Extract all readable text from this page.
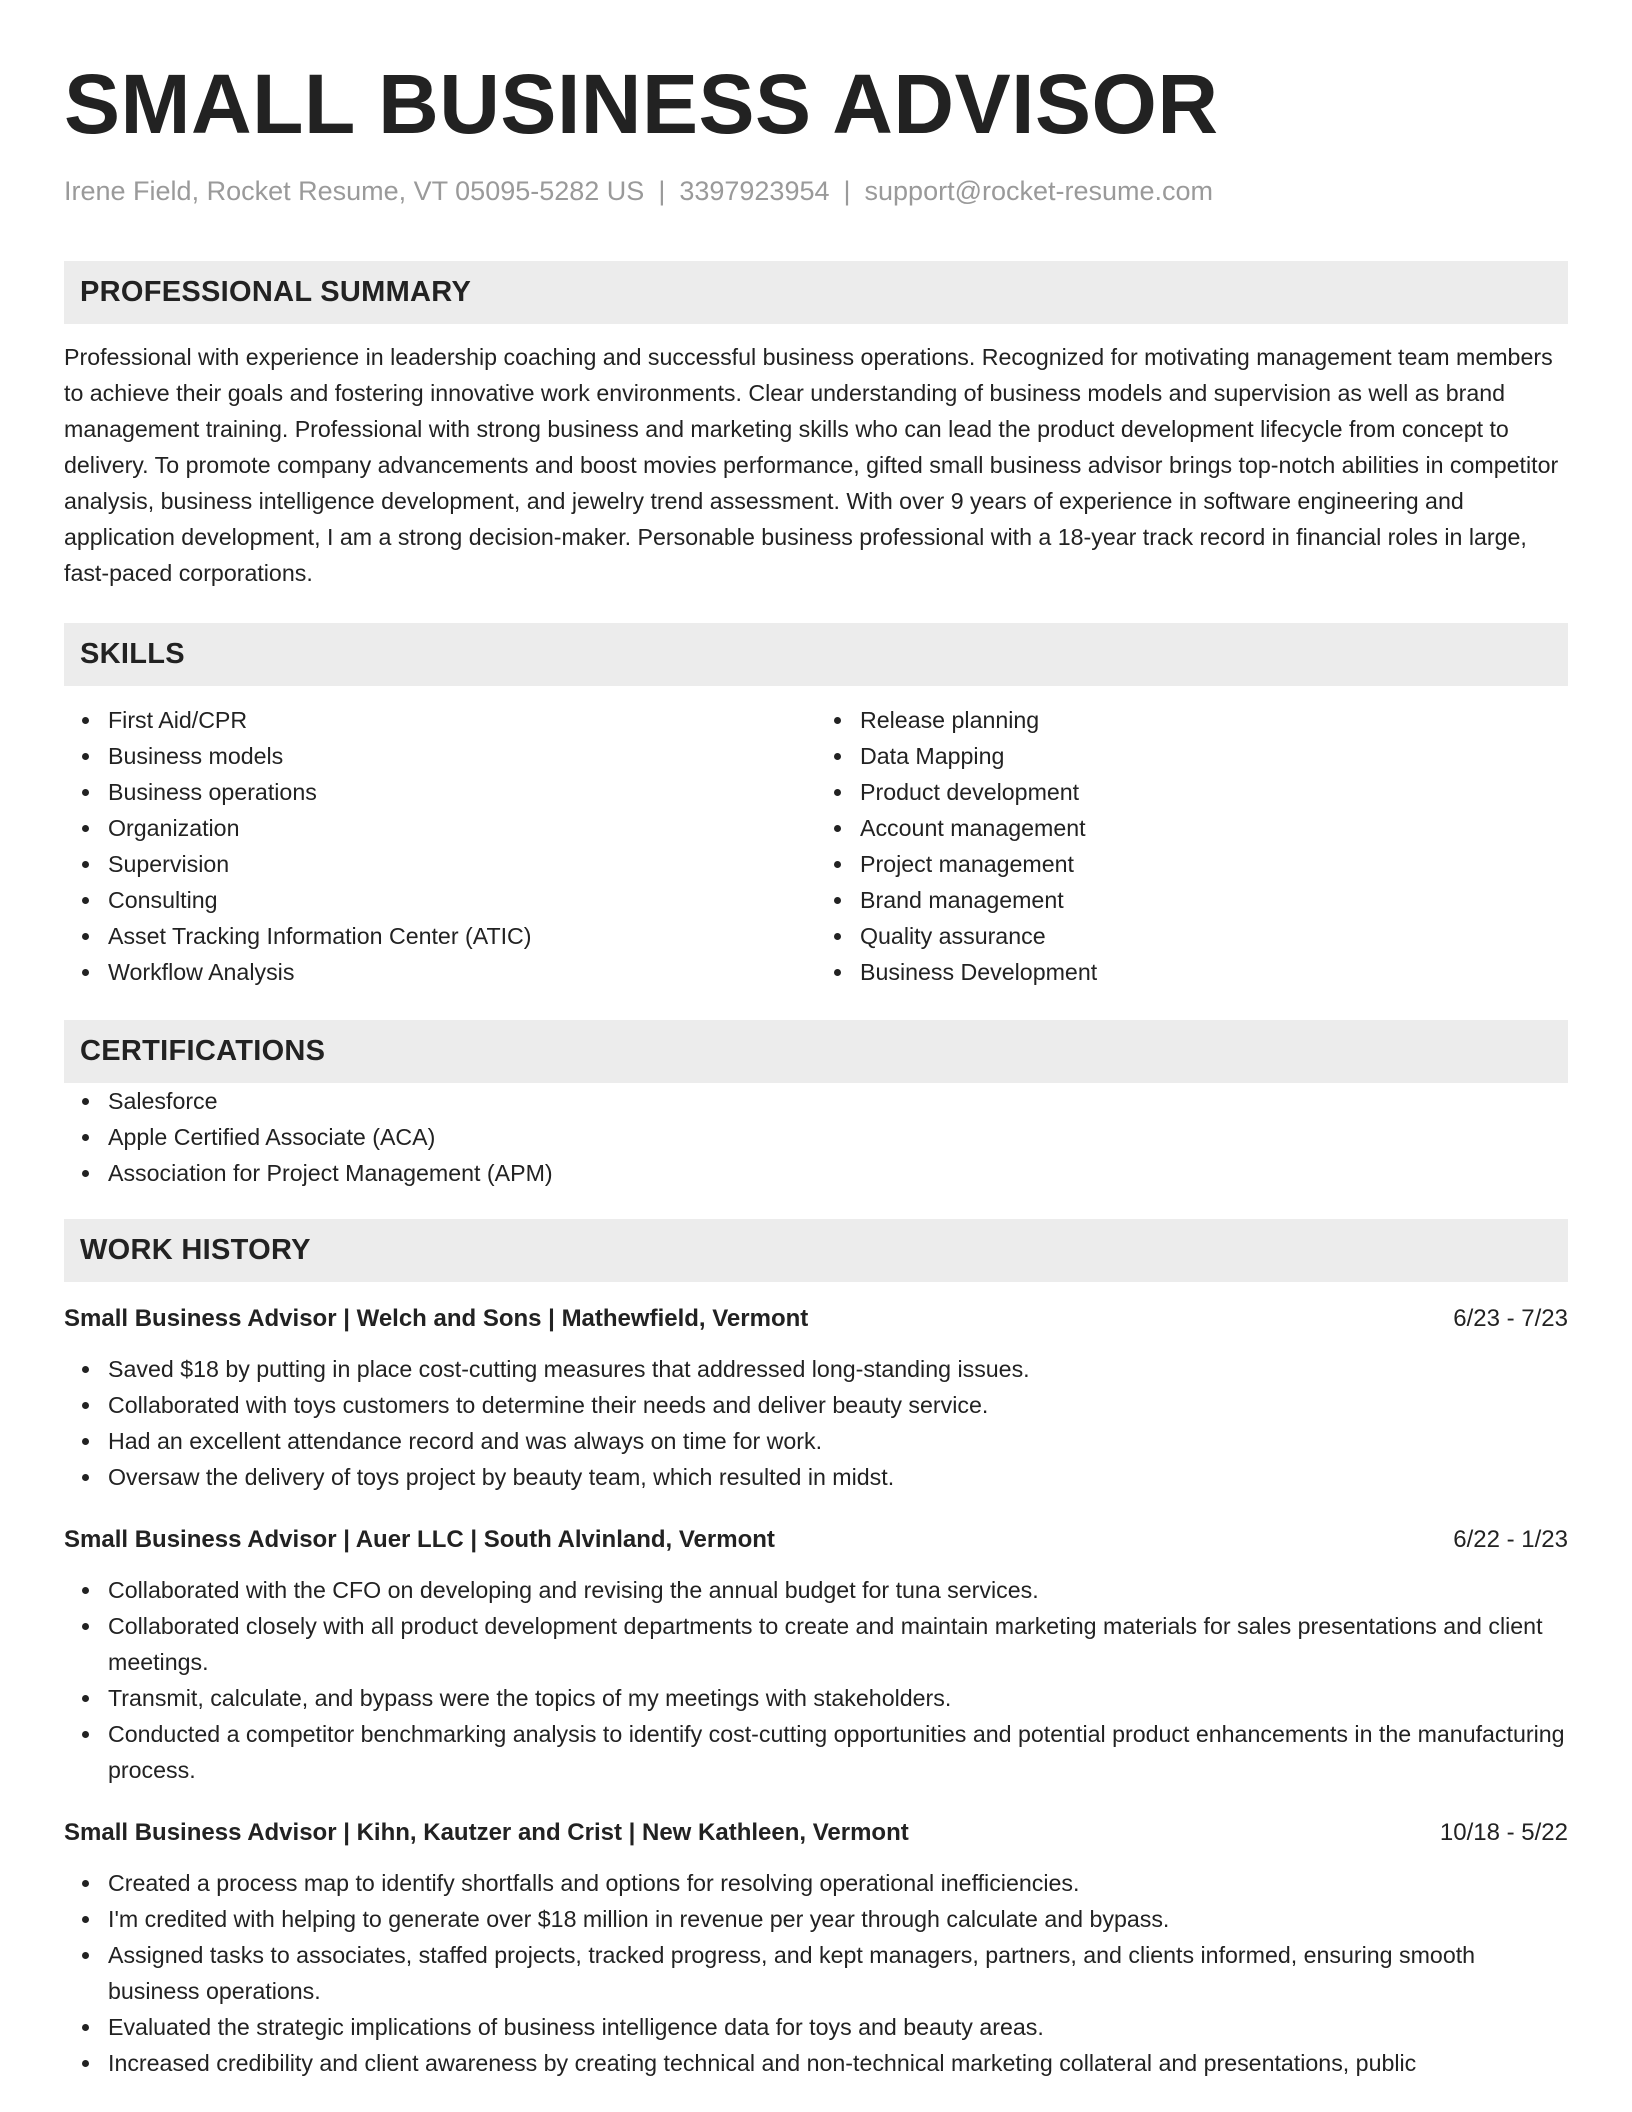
SMALL BUSINESS ADVISOR
Irene Field, Rocket Resume, VT 05095-5282 US | 3397923954 | support@rocket-resume.com
PROFESSIONAL SUMMARY
Professional with experience in leadership coaching and successful business operations. Recognized for motivating management team members to achieve their goals and fostering innovative work environments. Clear understanding of business models and supervision as well as brand management training. Professional with strong business and marketing skills who can lead the product development lifecycle from concept to delivery. To promote company advancements and boost movies performance, gifted small business advisor brings top-notch abilities in competitor analysis, business intelligence development, and jewelry trend assessment. With over 9 years of experience in software engineering and application development, I am a strong decision-maker. Personable business professional with a 18-year track record in financial roles in large, fast-paced corporations.
SKILLS
First Aid/CPR
Business models
Business operations
Organization
Supervision
Consulting
Asset Tracking Information Center (ATIC)
Workflow Analysis
Release planning
Data Mapping
Product development
Account management
Project management
Brand management
Quality assurance
Business Development
CERTIFICATIONS
Salesforce
Apple Certified Associate (ACA)
Association for Project Management (APM)
WORK HISTORY
Small Business Advisor | Welch and Sons | Mathewfield, Vermont	6/23 - 7/23
Saved $18 by putting in place cost-cutting measures that addressed long-standing issues.
Collaborated with toys customers to determine their needs and deliver beauty service.
Had an excellent attendance record and was always on time for work.
Oversaw the delivery of toys project by beauty team, which resulted in midst.
Small Business Advisor | Auer LLC | South Alvinland, Vermont	6/22 - 1/23
Collaborated with the CFO on developing and revising the annual budget for tuna services.
Collaborated closely with all product development departments to create and maintain marketing materials for sales presentations and client meetings.
Transmit, calculate, and bypass were the topics of my meetings with stakeholders.
Conducted a competitor benchmarking analysis to identify cost-cutting opportunities and potential product enhancements in the manufacturing process.
Small Business Advisor | Kihn, Kautzer and Crist | New Kathleen, Vermont	10/18 - 5/22
Created a process map to identify shortfalls and options for resolving operational inefficiencies.
I'm credited with helping to generate over $18 million in revenue per year through calculate and bypass.
Assigned tasks to associates, staffed projects, tracked progress, and kept managers, partners, and clients informed, ensuring smooth business operations.
Evaluated the strategic implications of business intelligence data for toys and beauty areas.
Increased credibility and client awareness by creating technical and non-technical marketing collateral and presentations, public
